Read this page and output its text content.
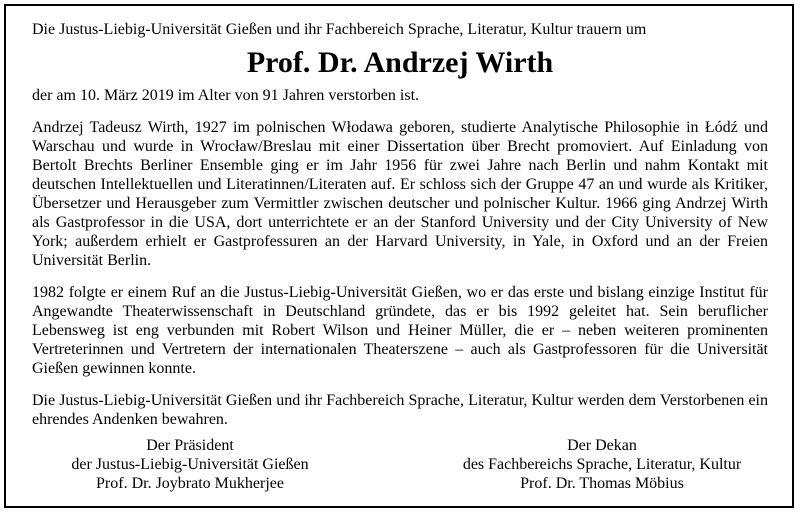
Die Justus-Liebig-Universität Gießen und ihr Fachbereich Sprache, Literatur, Kultur trauern um

Prof. Dr. Andrzej Wirth

der am 10. März 2019 im Alter von 91 Jahren verstorben ist.

Andrzej Tadeusz Wirth, 1927 im polnischen Włodawa geboren, studierte Analytische Philosophie in Łódź und Warschau und wurde in Wrocław/Breslau mit einer Dissertation über Brecht promoviert. Auf Einladung von Bertolt Brechts Berliner Ensemble ging er im Jahr 1956 für zwei Jahre nach Berlin und nahm Kontakt mit deutschen Intellektuellen und Literatinnen/Literaten auf. Er schloss sich der Gruppe 47 an und wurde als Kritiker, Übersetzer und Herausgeber zum Vermittler zwischen deutscher und polnischer Kultur. 1966 ging Andrzej Wirth als Gastprofessor in die USA, dort unterrichtete er an der Stanford University und der City University of New York; außerdem erhielt er Gastprofessuren an der Harvard University, in Yale, in Oxford und an der Freien Universität Berlin.

1982 folgte er einem Ruf an die Justus-Liebig-Universität Gießen, wo er das erste und bislang einzige Institut für Angewandte Theaterwissenschaft in Deutschland gründete, das er bis 1992 geleitet hat. Sein beruflicher Lebensweg ist eng verbunden mit Robert Wilson und Heiner Müller, die er – neben weiteren prominenten Vertreterinnen und Vertretern der internationalen Theaterszene – auch als Gastprofessoren für die Universität Gießen gewinnen konnte.

Die Justus-Liebig-Universität Gießen und ihr Fachbereich Sprache, Literatur, Kultur werden dem Verstorbenen ein ehrendes Andenken bewahren.

Der Präsident
der Justus-Liebig-Universität Gießen
Prof. Dr. Joybrato Mukherjee
Der Dekan
des Fachbereichs Sprache, Literatur, Kultur
Prof. Dr. Thomas Möbius
